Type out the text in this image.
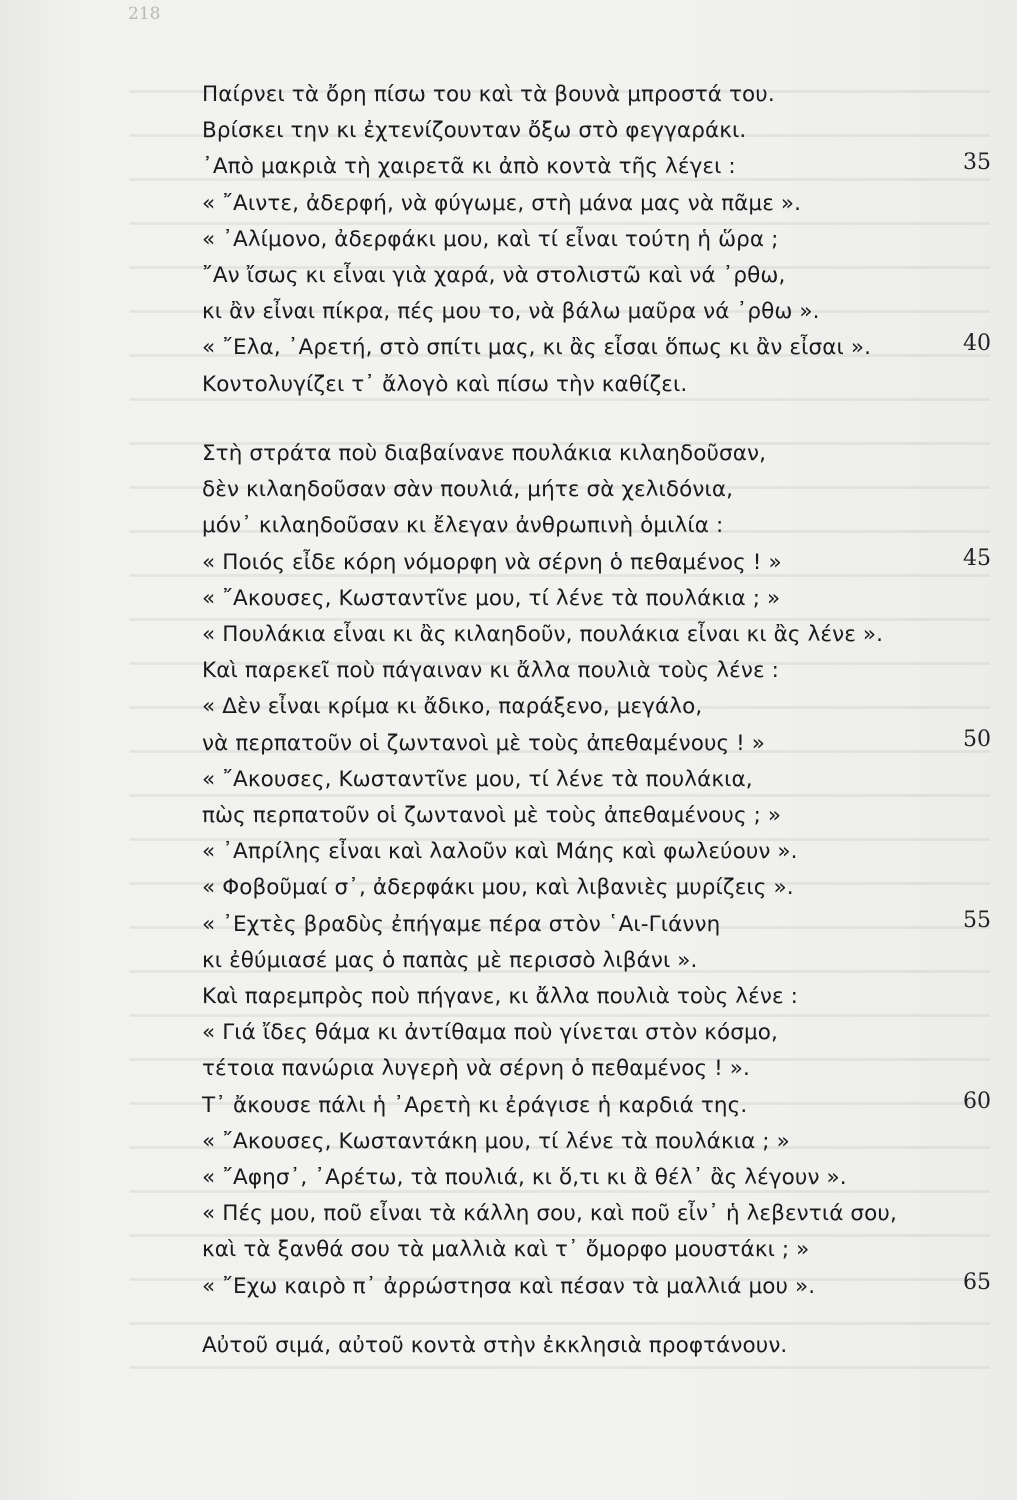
218
Παίρνει τὰ ὄρη πίσω του καὶ τὰ βουνὰ μπροστά του.
Βρίσκει την κι ἐχτενίζουνταν ὄξω στὸ φεγγαράκι.
᾿Απὸ μακριὰ τὴ χαιρετᾶ κι ἀπὸ κοντὰ τῆς λέγει :	35
« ῎Αιντε, ἀδερφή, νὰ φύγωμε, στὴ μάνα μας νὰ πᾶμε ».
« ᾿Αλίμονο, ἀδερφάκι μου, καὶ τί εἶναι τούτη ἡ ὥρα ;
῎Αν ἴσως κι εἶναι γιὰ χαρά, νὰ στολιστῶ καὶ νά ᾿ρθω,
κι ἂν εἶναι πίκρα, πές μου το, νὰ βάλω μαῦρα νά ᾿ρθω ».
« ῎Ελα, ᾿Αρετή, στὸ σπίτι μας, κι ἂς εἶσαι ὅπως κι ἂν εἶσαι ».	40
Κοντολυγίζει τ᾿ ἄλογὸ καὶ πίσω τὴν καθίζει.
Στὴ στράτα ποὺ διαβαίνανε πουλάκια κιλαηδοῦσαν,
δὲν κιλαηδοῦσαν σὰν πουλιά, μήτε σὰ χελιδόνια,
μόν᾿ κιλαηδοῦσαν κι ἔλεγαν ἀνθρωπινὴ ὁμιλία :
« Ποιός εἶδε κόρη νόμορφη νὰ σέρνη ὁ πεθαμένος ! »	45
« ῎Ακουσες, Κωσταντῖνε μου, τί λένε τὰ πουλάκια ; »
« Πουλάκια εἶναι κι ἂς κιλαηδοῦν, πουλάκια εἶναι κι ἂς λένε ».
Καὶ παρεκεῖ ποὺ πάγαιναν κι ἄλλα πουλιὰ τοὺς λένε :
« Δὲν εἶναι κρίμα κι ἄδικο, παράξενο, μεγάλο,
νὰ περπατοῦν οἱ ζωντανοὶ μὲ τοὺς ἀπεθαμένους ! »	50
« ῎Ακουσες, Κωσταντῖνε μου, τί λένε τὰ πουλάκια,
πὼς περπατοῦν οἱ ζωντανοὶ μὲ τοὺς ἀπεθαμένους ; »
« ᾿Απρίλης εἶναι καὶ λαλοῦν καὶ Μάης καὶ φωλεύουν ».
« Φοβοῦμαί σ᾿, ἀδερφάκι μου, καὶ λιβανιὲς μυρίζεις ».
« ᾿Εχτὲς βραδὺς ἐπήγαμε πέρα στὸν ῾Αι-Γιάννη	55
κι ἐθύμιασέ μας ὁ παπὰς μὲ περισσὸ λιβάνι ».
Καὶ παρεμπρὸς ποὺ πήγανε, κι ἄλλα πουλιὰ τοὺς λένε :
« Γιά ἴδες θάμα κι ἀντίθαμα ποὺ γίνεται στὸν κόσμο,
τέτοια πανώρια λυγερὴ νὰ σέρνη ὁ πεθαμένος ! ».
Τ᾿ ἄκουσε πάλι ἡ ᾿Αρετὴ κι ἐράγισε ἡ καρδιά της.	60
« ῎Ακουσες, Κωσταντάκη μου, τί λένε τὰ πουλάκια ; »
« ῎Αφησ᾿, ᾿Αρέτω, τὰ πουλιά, κι ὅ,τι κι ἂ θέλ᾿ ἂς λέγουν ».
« Πές μου, ποῦ εἶναι τὰ κάλλη σου, καὶ ποῦ εἶν᾿ ἡ λεβεντιά σου,
καὶ τὰ ξανθά σου τὰ μαλλιὰ καὶ τ᾿ ὄμορφο μουστάκι ; »
« ῎Εχω καιρὸ π᾿ ἀρρώστησα καὶ πέσαν τὰ μαλλιά μου ».	65
Αὐτοῦ σιμά, αὐτοῦ κοντὰ στὴν ἐκκλησιὰ προφτάνουν.
